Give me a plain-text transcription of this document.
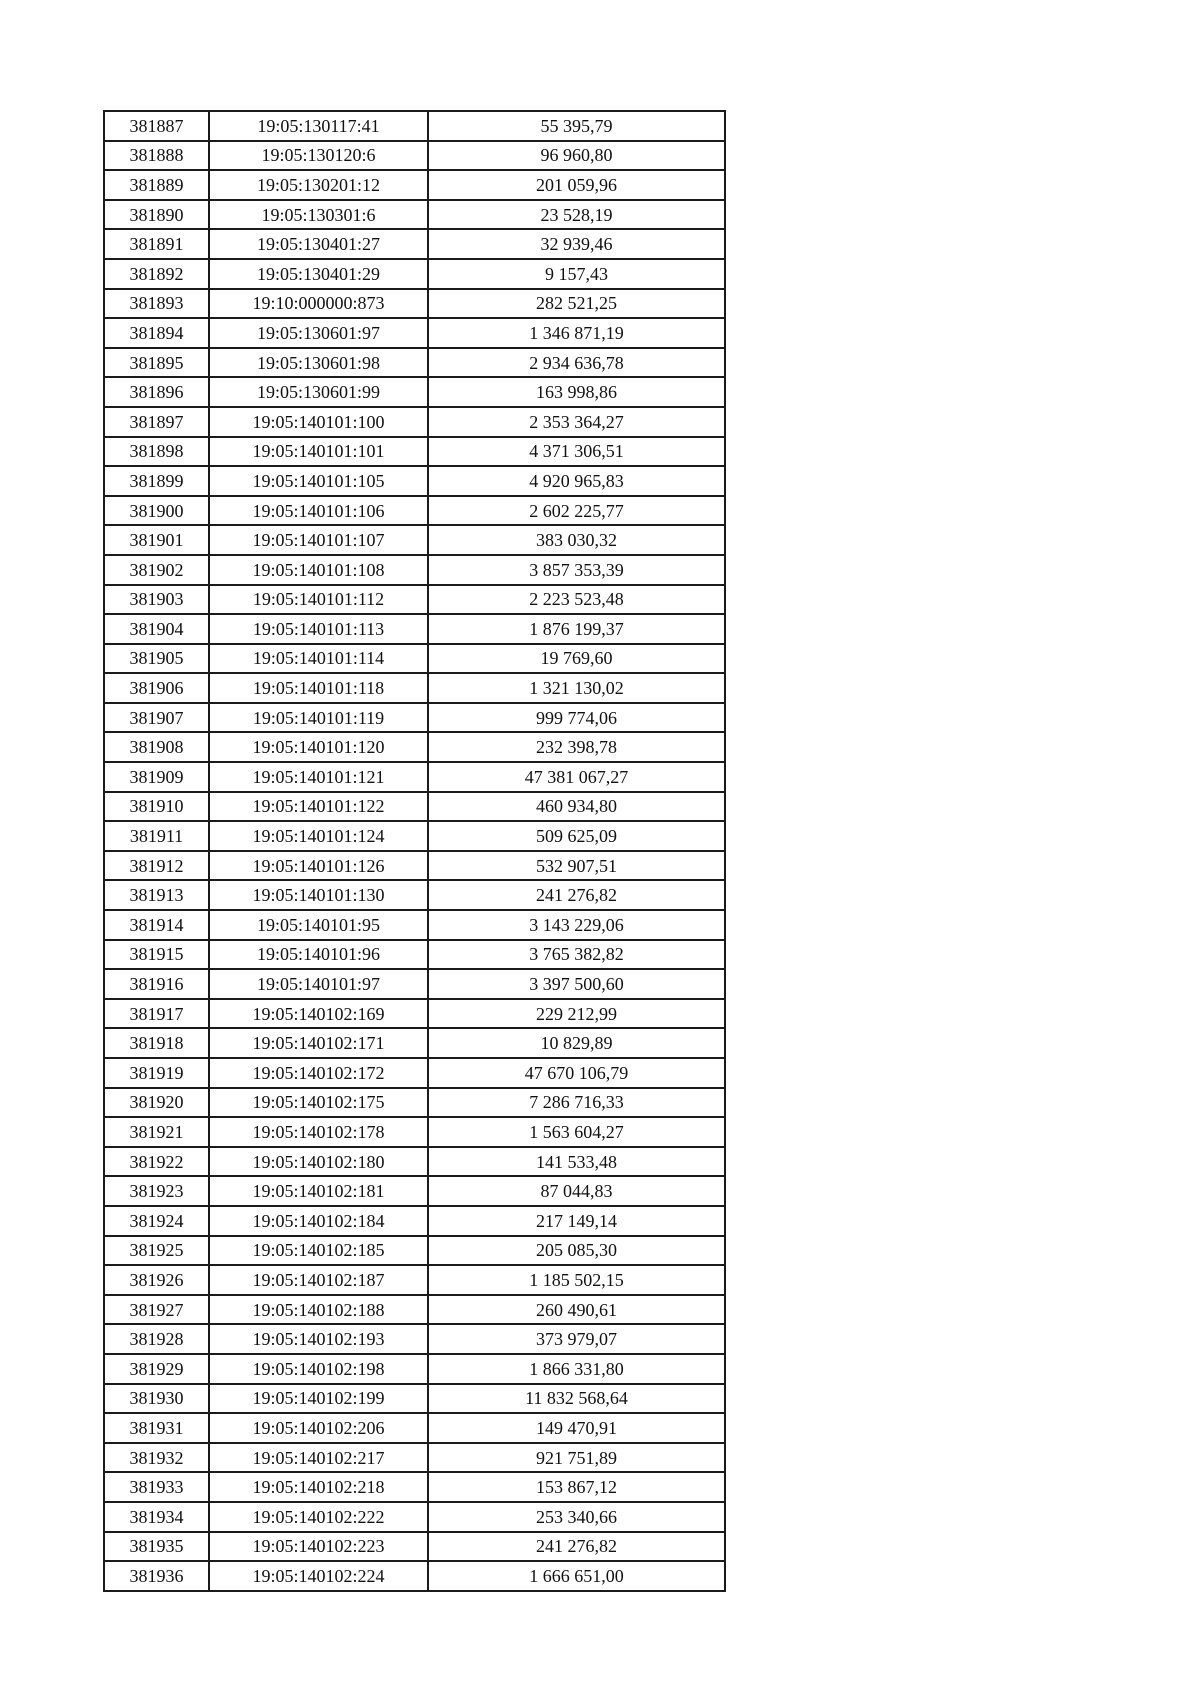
381887	19:05:130117:41	55 395,79
381888	19:05:130120:6	96 960,80
381889	19:05:130201:12	201 059,96
381890	19:05:130301:6	23 528,19
381891	19:05:130401:27	32 939,46
381892	19:05:130401:29	9 157,43
381893	19:10:000000:873	282 521,25
381894	19:05:130601:97	1 346 871,19
381895	19:05:130601:98	2 934 636,78
381896	19:05:130601:99	163 998,86
381897	19:05:140101:100	2 353 364,27
381898	19:05:140101:101	4 371 306,51
381899	19:05:140101:105	4 920 965,83
381900	19:05:140101:106	2 602 225,77
381901	19:05:140101:107	383 030,32
381902	19:05:140101:108	3 857 353,39
381903	19:05:140101:112	2 223 523,48
381904	19:05:140101:113	1 876 199,37
381905	19:05:140101:114	19 769,60
381906	19:05:140101:118	1 321 130,02
381907	19:05:140101:119	999 774,06
381908	19:05:140101:120	232 398,78
381909	19:05:140101:121	47 381 067,27
381910	19:05:140101:122	460 934,80
381911	19:05:140101:124	509 625,09
381912	19:05:140101:126	532 907,51
381913	19:05:140101:130	241 276,82
381914	19:05:140101:95	3 143 229,06
381915	19:05:140101:96	3 765 382,82
381916	19:05:140101:97	3 397 500,60
381917	19:05:140102:169	229 212,99
381918	19:05:140102:171	10 829,89
381919	19:05:140102:172	47 670 106,79
381920	19:05:140102:175	7 286 716,33
381921	19:05:140102:178	1 563 604,27
381922	19:05:140102:180	141 533,48
381923	19:05:140102:181	87 044,83
381924	19:05:140102:184	217 149,14
381925	19:05:140102:185	205 085,30
381926	19:05:140102:187	1 185 502,15
381927	19:05:140102:188	260 490,61
381928	19:05:140102:193	373 979,07
381929	19:05:140102:198	1 866 331,80
381930	19:05:140102:199	11 832 568,64
381931	19:05:140102:206	149 470,91
381932	19:05:140102:217	921 751,89
381933	19:05:140102:218	153 867,12
381934	19:05:140102:222	253 340,66
381935	19:05:140102:223	241 276,82
381936	19:05:140102:224	1 666 651,00
